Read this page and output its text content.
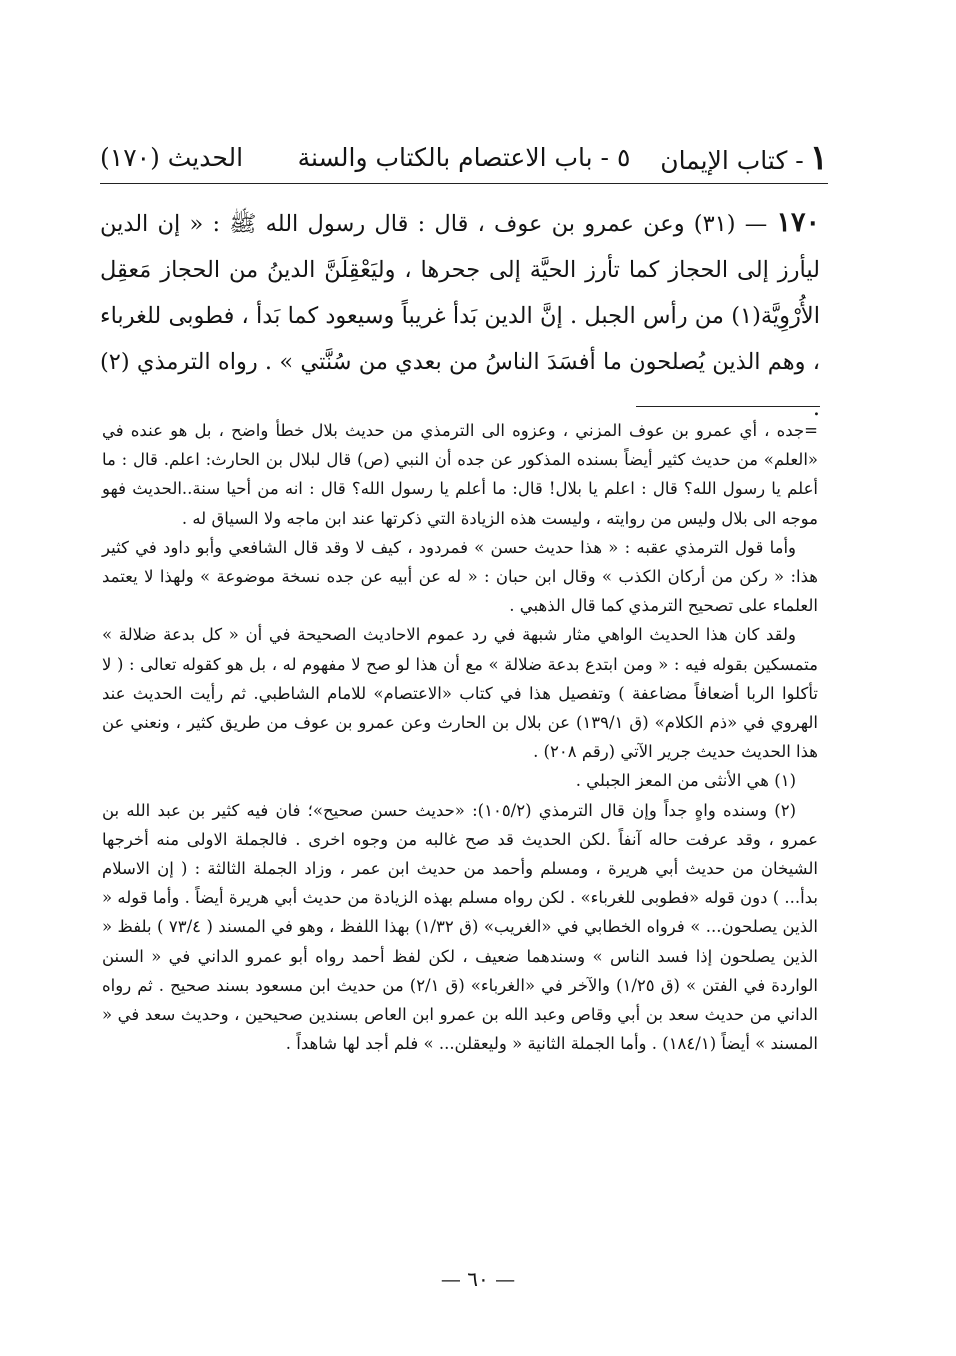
١- كتاب الإيمان
٥ - باب الاعتصام بالكتاب والسنة
الحديث (١٧٠)
١٧٠ — (٣١) وعن عمرو بن عوف ، قال : قال رسول الله ﷺ : « إن الدين ليأرز إلى الحجاز كما تأرز الحيَّة إلى جحرها ، وليَعْقِلَنَّ الدينُ من الحجاز مَعقِل الأُرْوِيَّة(١) من رأس الجبل . إنَّ الدين بَدأ غريباً وسيعود كما بَدأ ، فطوبى للغرباء ، وهم الذين يُصلحون ما أفسَدَ الناسُ من بعدي من سُنَّتي » . رواه الترمذي (٢) .

=جده ، أي عمرو بن عوف المزني ، وعزوه الى الترمذي من حديث بلال خطأ واضح ، بل هو عنده في «العلم» من حديث كثير أيضاً بسنده المذكور عن جده أن النبي (ص) قال لبلال بن الحارث: اعلم. قال : ما أعلم يا رسول الله؟ قال : اعلم يا بلال! قال: ما أعلم يا رسول الله؟ قال : انه من أحيا سنة..الحديث فهو موجه الى بلال وليس من روايته ، وليست هذه الزيادة التي ذكرتها عند ابن ماجه ولا السياق له .

وأما قول الترمذي عقبه : « هذا حديث حسن » فمردود ، كيف لا وقد قال الشافعي وأبو داود في كثير هذا: « ركن من أركان الكذب » وقال ابن حبان : « له عن أبيه عن جده نسخة موضوعة » ولهذا لا يعتمد العلماء على تصحيح الترمذي كما قال الذهبي .

ولقد كان هذا الحديث الواهي مثار شبهة في رد عموم الاحاديث الصحيحة في أن « كل بدعة ضلالة » متمسكين بقوله فيه : « ومن ابتدع بدعة ضلالة » مع أن هذا لو صح لا مفهوم له ، بل هو كقوله تعالى : ( لا تأكلوا الربا أضعافاً مضاعفة ) وتفصيل هذا في كتاب «الاعتصام» للامام الشاطبي. ثم رأيت الحديث عند الهروي في «ذم الكلام» (ق ١٣٩/١) عن بلال بن الحارث وعن عمرو بن عوف من طريق كثير ، ونعني عن هذا الحديث حديث جرير الآتي (رقم ٢٠٨) .

(١) هي الأنثى من المعز الجبلي .

(٢) وسنده واهٍ جداً وإن قال الترمذي (١٠٥/٢): «حديث حسن صحيح»؛ فان فيه كثير بن عبد الله بن عمرو ، وقد عرفت حاله آنفاً .لكن الحديث قد صح غالبه من وجوه اخرى . فالجملة الاولى منه أخرجها الشيخان من حديث أبي هريرة ، ومسلم وأحمد من حديث ابن عمر ، وزاد الجملة الثالثة : ( إن الاسلام بدأ... ) دون قوله «فطوبى للغرباء» . لكن رواه مسلم بهذه الزيادة من حديث أبي هريرة أيضاً . وأما قوله « الذين يصلحون... » فرواه الخطابي في «الغريب» (ق ١/٣٢) بهذا اللفظ ، وهو في المسند ( ٧٣/٤ ) بلفظ « الذين يصلحون إذا فسد الناس » وسندهما ضعيف ، لكن لفظ أحمد رواه أبو عمرو الداني في « السنن الواردة في الفتن » (ق ١/٢٥) والآخر في «الغرباء» (ق ٢/١) من حديث ابن مسعود بسند صحيح . ثم رواه الداني من حديث سعد بن أبي وقاص وعبد الله بن عمرو ابن العاص بسندين صحيحين ، وحديث سعد في « المسند » أيضاً (١٨٤/١) . وأما الجملة الثانية « وليعقلن... » فلم أجد لها شاهداً .

— ٦٠ —
